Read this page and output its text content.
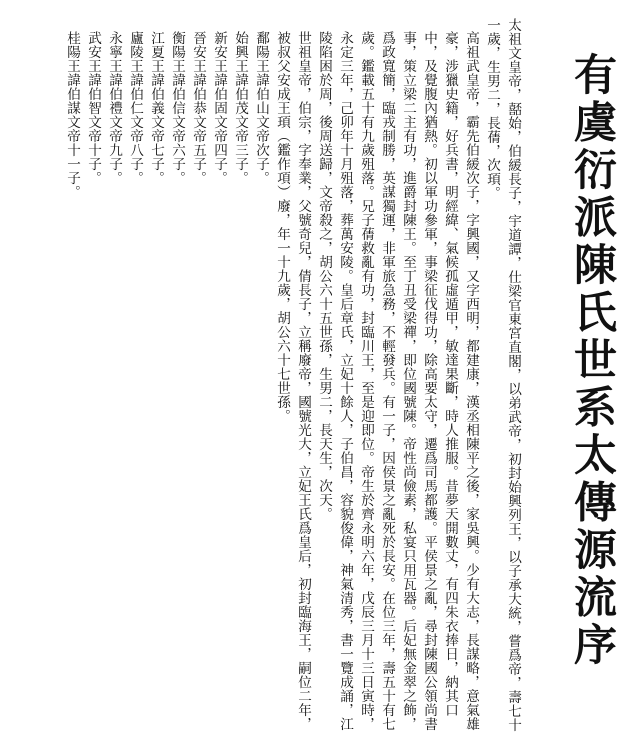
有虞衍派陳氏世系太傳源流序

太祖文皇帝，嚭始，伯緩長子，宇道譚，仕梁官東宮直閣，以弟武帝，初封始興列王，以子承大統，嘗爲帝，壽七十一歲，生男二，長蒨，次頊。

高祖武皇帝，霸先伯緩次子，字興國，又字西明，都建康，漢丞相陳平之後，家吳興。少有大志，長謀略，意氣雄豪，涉獵史籍，好兵書，明經緯、氣候孤虛遁甲，敏達果斷，時人推服。昔夢天開數丈，有四朱衣捧日，納其口中，及覺腹內猶熱。初以軍功參軍，事梁征伐得功，除高要太守，遷爲司馬都護。平侯景之亂，尋封陳國公領尚書事，策立梁二主有功，進爵封陳王。至丁丑受梁禪，即位國號陳。帝性尚儉素，私宴只用瓦器。后妃無金翠之飾，爲政寬簡，臨戎制勝，英謀獨運，非軍旅急務，不輕發兵。有一子，因侯景之亂死於長安。在位三年，壽五十有七歲。鑑載五十有九歲殂落。兄子蒨救亂有功，封臨川王，至是迎即位。帝生於齊永明六年，戊辰三月十三日寅時，永定三年，己卯年十月殂落，葬萬安陵。皇后章氏，立妃十餘人，子伯昌，容貌俊偉，神氣清秀，書一覽成誦，江陵陷困於周，後周送歸，文帝殺之，胡公六十五世孫，生男二，長天生，次天。

世祖皇帝，伯宗，字奉業，父號奇兒，倩長子，立稱廢帝，國號光大，立妃王氏爲皇后，初封臨海王，嗣位二年，被叔父安成王頊（鑑作項）廢，年一十九歲，胡公六十七世孫。

鄱陽王諱伯山文帝次子。

始興王諱伯茂文帝三子。

新安王諱伯固文帝四子。

晉安王諱伯恭文帝五子。

衡陽王諱伯信文帝六子。

江夏王諱伯義文帝七子。

廬陵王諱伯仁文帝八子。

永寧王諱伯禮文帝九子。

武安王諱伯智文帝十子。

桂陽王諱伯謀文帝十一子。
